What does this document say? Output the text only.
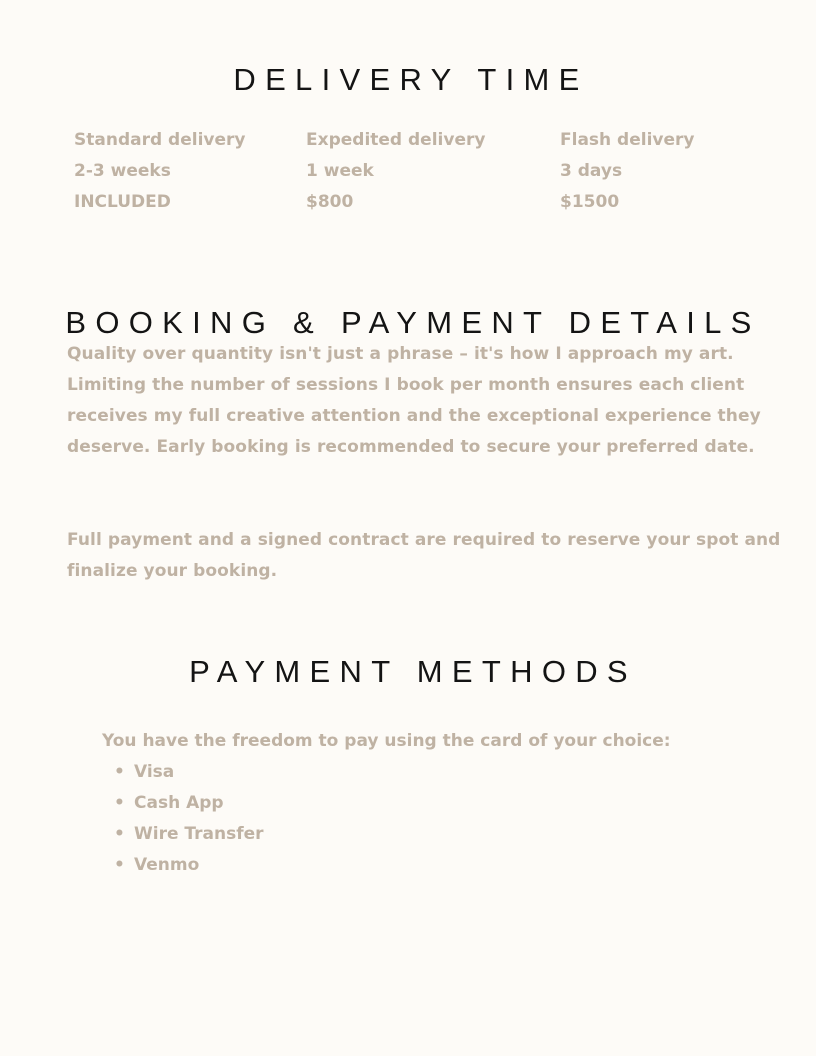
DELIVERY TIME
Standard delivery
2-3 weeks
INCLUDED
Expedited delivery
1 week
$800
Flash delivery
3 days
$1500
BOOKING & PAYMENT DETAILS

Quality over quantity isn't just a phrase – it's how I approach my art. Limiting the number of sessions I book per month ensures each client receives my full creative attention and the exceptional experience they deserve. Early booking is recommended to secure your preferred date.

Full payment and a signed contract are required to reserve your spot and finalize your booking.

PAYMENT METHODS

You have the freedom to pay using the card of your choice:

• Visa
• Cash App
• Wire Transfer
• Venmo
